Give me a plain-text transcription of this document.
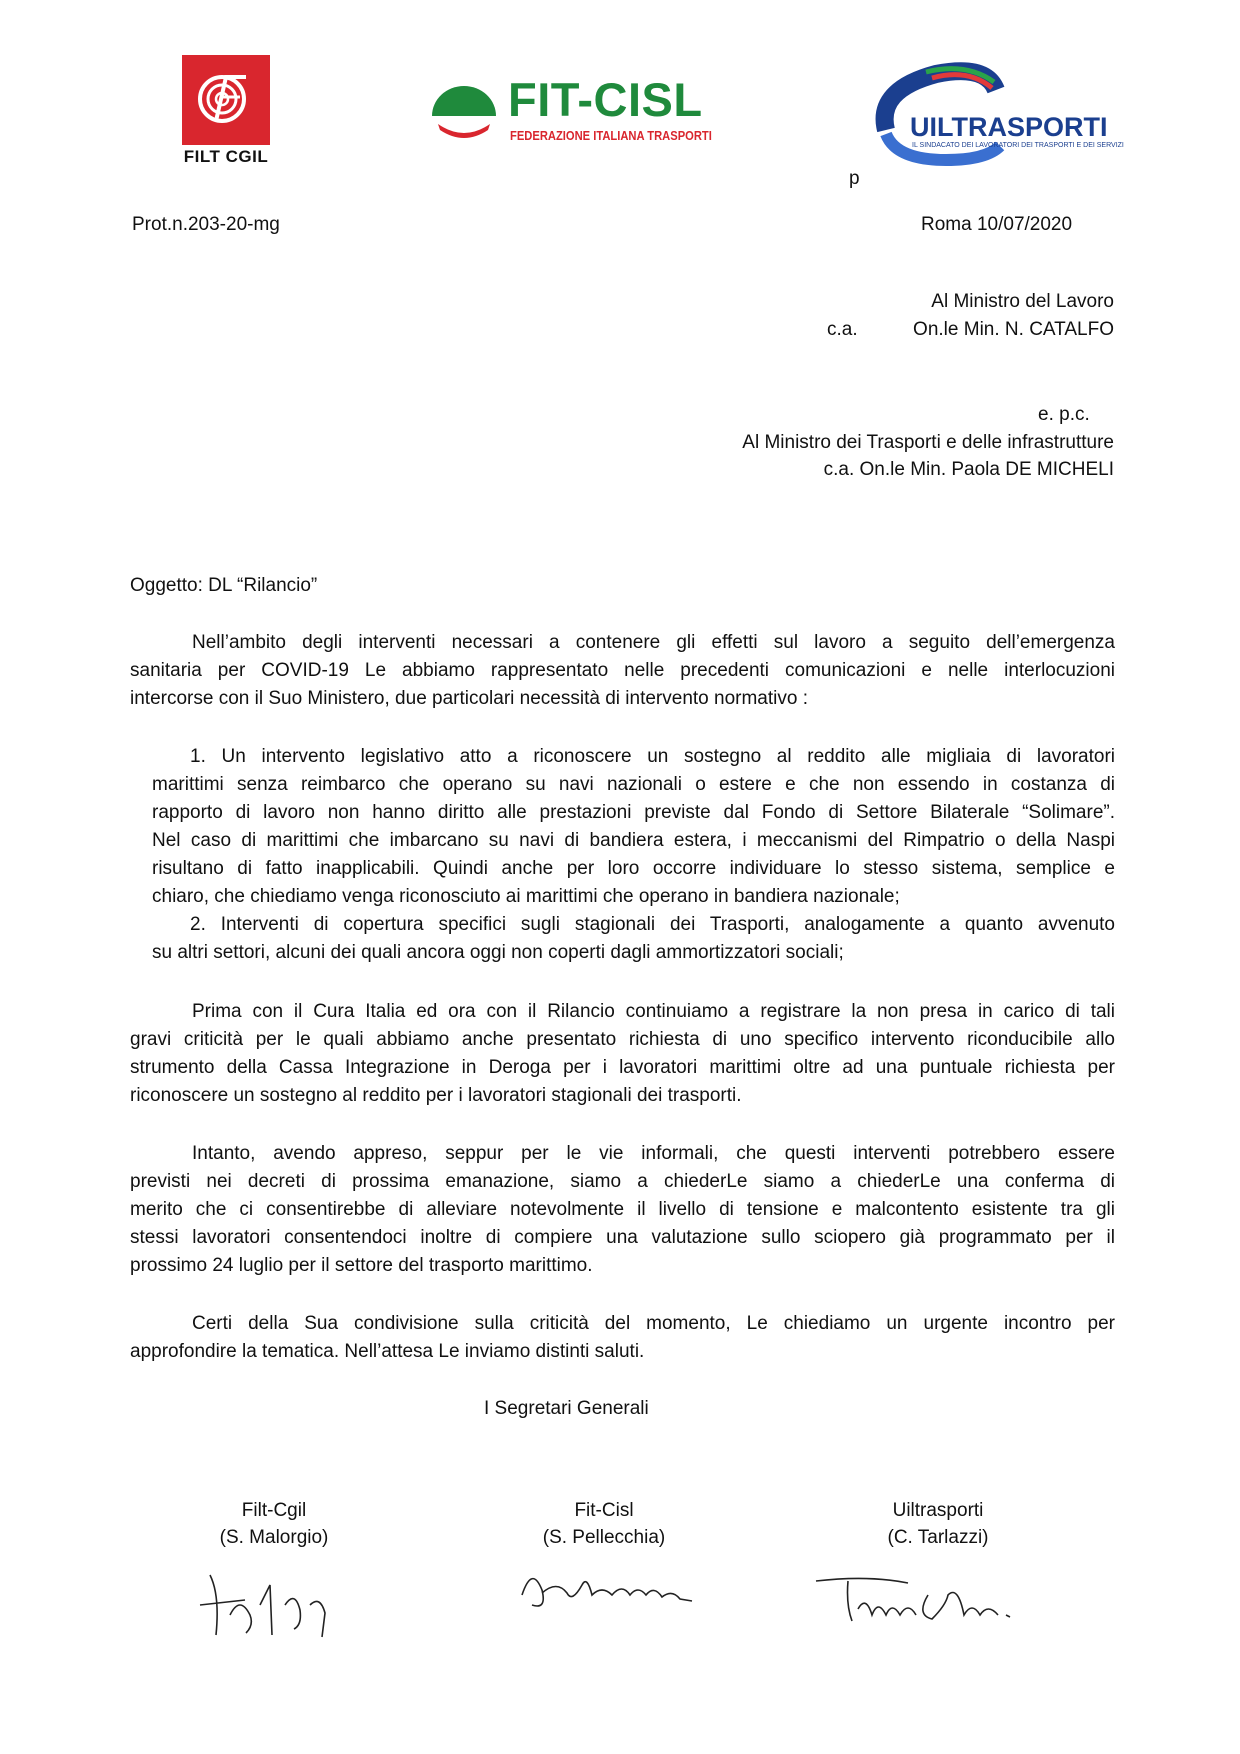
FILT CGIL
FIT-CISL
FEDERAZIONE ITALIANA TRASPORTI	UILTRASPORTI
IL SINDACATO DEI LAVORATORI DEI TRASPORTI E DEI SERVIZI
p
Prot.n.203-20-mg	Roma 10/07/2020
Al Ministro del Lavoro
c.a.	On.le Min. N. CATALFO
e. p.c.
Al Ministro dei Trasporti e delle infrastrutture
c.a. On.le Min. Paola DE MICHELI
Oggetto: DL “Rilancio”
Nell’ambito degli interventi necessari a contenere gli effetti sul lavoro a seguito dell’emergenza
sanitaria per COVID-19 Le abbiamo rappresentato nelle precedenti comunicazioni e nelle interlocuzioni
intercorse con il Suo Ministero, due particolari necessità di intervento normativo :
1. Un intervento legislativo atto a riconoscere un sostegno al reddito alle migliaia di lavoratori
marittimi senza reimbarco che operano su navi nazionali o estere e che non essendo in costanza di
rapporto di lavoro non hanno diritto alle prestazioni previste dal Fondo di Settore Bilaterale “Solimare”.
Nel caso di marittimi che imbarcano su navi di bandiera estera, i meccanismi del Rimpatrio o della Naspi
risultano di fatto inapplicabili. Quindi anche per loro occorre individuare lo stesso sistema, semplice e
chiaro, che chiediamo venga riconosciuto ai marittimi che operano in bandiera nazionale;
2. Interventi di copertura specifici sugli stagionali dei Trasporti, analogamente a quanto avvenuto
su altri settori, alcuni dei quali ancora oggi non coperti dagli ammortizzatori sociali;
Prima con il Cura Italia ed ora con il Rilancio continuiamo a registrare la non presa in carico di tali
gravi criticità per le quali abbiamo anche presentato richiesta di uno specifico intervento riconducibile allo
strumento della Cassa Integrazione in Deroga per i lavoratori marittimi oltre ad una puntuale richiesta per
riconoscere un sostegno al reddito per i lavoratori stagionali dei trasporti.
Intanto, avendo appreso, seppur per le vie informali, che questi interventi potrebbero essere
previsti nei decreti di prossima emanazione, siamo a chiederLe siamo a chiederLe una conferma di
merito che ci consentirebbe di alleviare notevolmente il livello di tensione e malcontento esistente tra gli
stessi lavoratori consentendoci inoltre di compiere una valutazione sullo sciopero già programmato per il
prossimo 24 luglio per il settore del trasporto marittimo.
Certi della Sua condivisione sulla criticità del momento, Le chiediamo un urgente incontro per
approfondire la tematica. Nell’attesa Le inviamo distinti saluti.
I Segretari Generali
Filt-Cgil
(S. Malorgio)
Fit-Cisl
(S. Pellecchia)
Uiltrasporti
(C. Tarlazzi)
